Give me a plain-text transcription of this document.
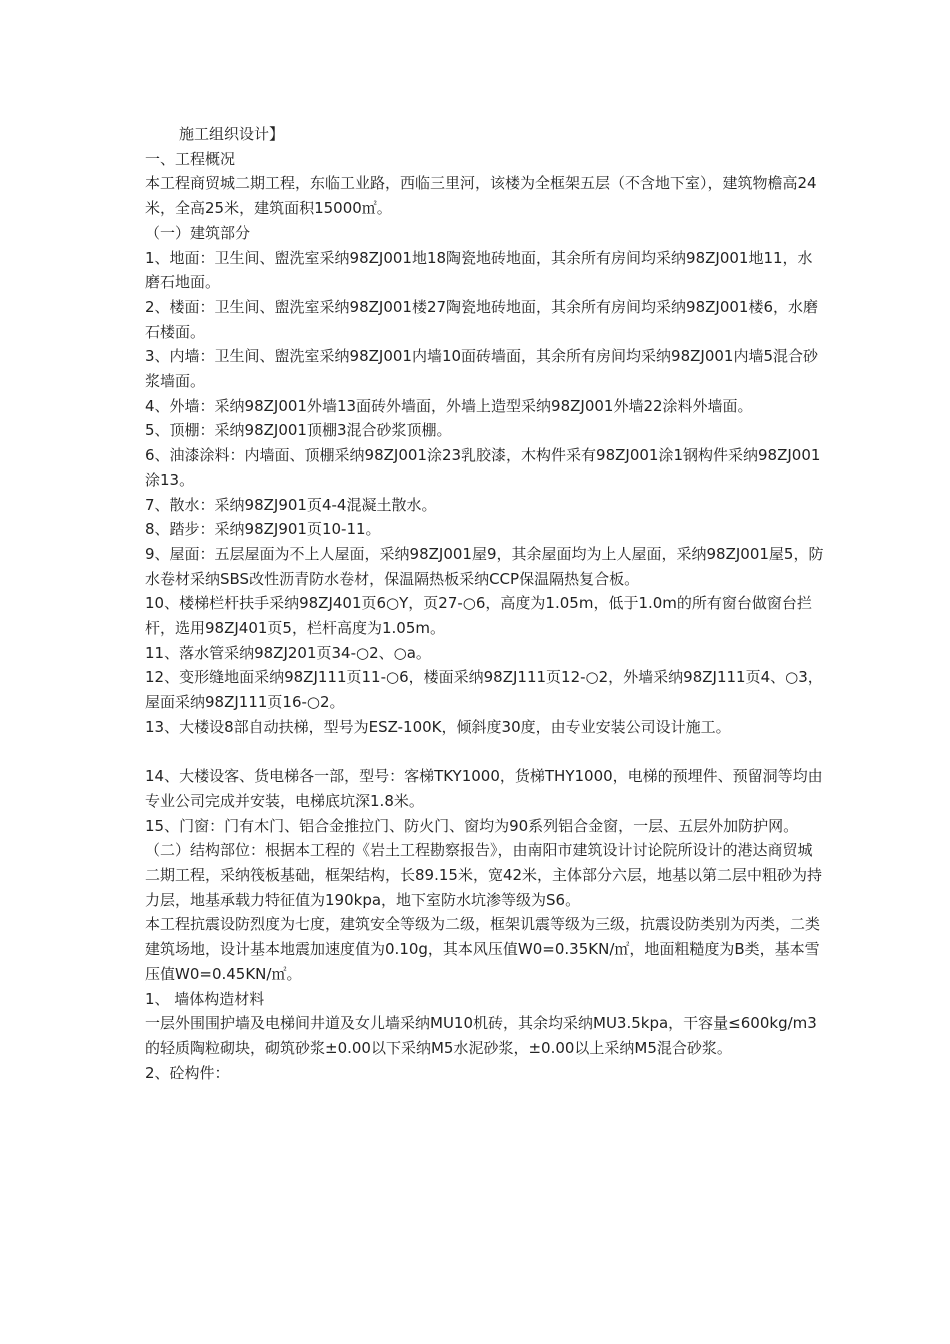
施工组织设计】

一、工程概况

本工程商贸城二期工程，东临工业路，西临三里河，该楼为全框架五层（不含地下室），建筑物檐高24米，全高25米，建筑面积15000㎡。

（一）建筑部分

1、地面：卫生间、盥洗室采纳98ZJ001地18陶瓷地砖地面，其余所有房间均采纳98ZJ001地11，水磨石地面。

2、楼面：卫生间、盥洗室采纳98ZJ001楼27陶瓷地砖地面，其余所有房间均采纳98ZJ001楼6，水磨石楼面。

3、内墙：卫生间、盥洗室采纳98ZJ001内墙10面砖墙面，其余所有房间均采纳98ZJ001内墙5混合砂浆墙面。

4、外墙：采纳98ZJ001外墙13面砖外墙面，外墙上造型采纳98ZJ001外墙22涂料外墙面。

5、顶棚：采纳98ZJ001顶棚3混合砂浆顶棚。

6、油漆涂料：内墙面、顶棚采纳98ZJ001涂23乳胶漆，木构件采有98ZJ001涂1钢构件采纳98ZJ001涂13。

7、散水：采纳98ZJ901页4-4混凝土散水。

8、踏步：采纳98ZJ901页10-11。

9、屋面：五层屋面为不上人屋面，采纳98ZJ001屋9，其余屋面均为上人屋面，采纳98ZJ001屋5，防水卷材采纳SBS改性沥青防水卷材，保温隔热板采纳CCP保温隔热复合板。

10、楼梯栏杆扶手采纳98ZJ401页6○Y，页27-○6，高度为1.05m，低于1.0m的所有窗台做窗台拦杆，选用98ZJ401页5，栏杆高度为1.05m。

11、落水管采纳98ZJ201页34-○2、○a。

12、变形缝地面采纳98ZJ111页11-○6，楼面采纳98ZJ111页12-○2，外墙采纳98ZJ111页4、○3，屋面采纳98ZJ111页16-○2。

13、大楼设8部自动扶梯，型号为ESZ-100K，倾斜度30度，由专业安装公司设计施工。

14、大楼设客、货电梯各一部，型号：客梯TKY1000，货梯THY1000，电梯的预埋件、预留洞等均由专业公司完成并安装，电梯底坑深1.8米。

15、门窗：门有木门、铝合金推拉门、防火门、窗均为90系列铝合金窗，一层、五层外加防护网。

（二）结构部位：根据本工程的《岩土工程勘察报告》，由南阳市建筑设计讨论院所设计的港达商贸城二期工程，采纳筏板基础，框架结构，长89.15米，宽42米，主体部分六层，地基以第二层中粗砂为持力层，地基承载力特征值为190kpa，地下室防水坑渗等级为S6。

本工程抗震设防烈度为七度，建筑安全等级为二级，框架讥震等级为三级，抗震设防类别为丙类，二类建筑场地，设计基本地震加速度值为0.10g，其本风压值W0=0.35KN/㎡，地面粗糙度为B类，基本雪压值W0=0.45KN/㎡。

1、 墙体构造材料

一层外围围护墙及电梯间井道及女儿墙采纳MU10机砖，其余均采纳MU3.5kpa，干容量≤600kg/m3的轻质陶粒砌块，砌筑砂浆±0.00以下采纳M5水泥砂浆，±0.00以上采纳M5混合砂浆。

2、砼构件：
